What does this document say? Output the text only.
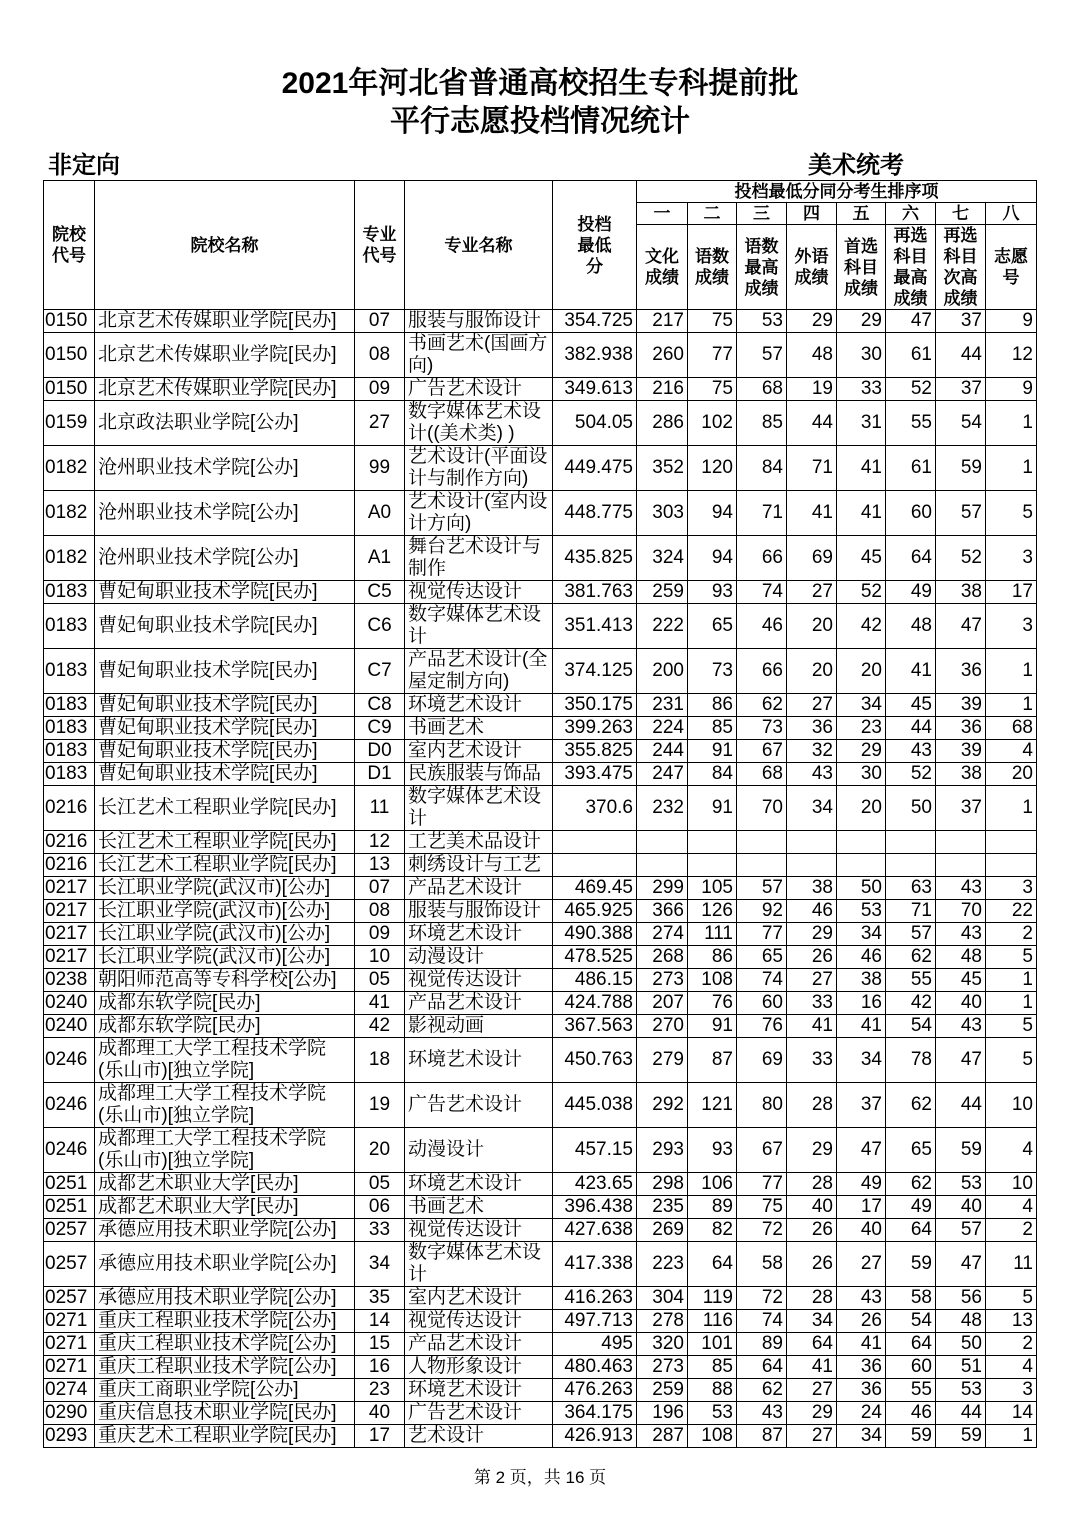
2021年河北省普通高校招生专科提前批
平行志愿投档情况统计
非定向	美术统考
院校代号	院校名称	专业代号	专业名称	投档最低分	投档最低分同分考生排序项							
					一	二	三	四	五	六	七	八
					文化成绩	语数成绩	语数最高成绩	外语成绩	首选科目成绩	再选科目最高成绩	再选科目次高成绩	志愿号

0150	北京艺术传媒职业学院[民办]	07	服装与服饰设计	354.725	217	75	53	29	29	47	37	9

0150	北京艺术传媒职业学院[民办]	08	书画艺术(国画方向)	382.938	260	77	57	48	30	61	44	12

0150	北京艺术传媒职业学院[民办]	09	广告艺术设计	349.613	216	75	68	19	33	52	37	9

0159	北京政法职业学院[公办]	27	数字媒体艺术设计((美术类) )	504.05	286	102	85	44	31	55	54	1

0182	沧州职业技术学院[公办]	99	艺术设计(平面设计与制作方向)	449.475	352	120	84	71	41	61	59	1

0182	沧州职业技术学院[公办]	A0	艺术设计(室内设计方向)	448.775	303	94	71	41	41	60	57	5

0182	沧州职业技术学院[公办]	A1	舞台艺术设计与制作	435.825	324	94	66	69	45	64	52	3

0183	曹妃甸职业技术学院[民办]	C5	视觉传达设计	381.763	259	93	74	27	52	49	38	17

0183	曹妃甸职业技术学院[民办]	C6	数字媒体艺术设计	351.413	222	65	46	20	42	48	47	3

0183	曹妃甸职业技术学院[民办]	C7	产品艺术设计(全屋定制方向)	374.125	200	73	66	20	20	41	36	1

0183	曹妃甸职业技术学院[民办]	C8	环境艺术设计	350.175	231	86	62	27	34	45	39	1

0183	曹妃甸职业技术学院[民办]	C9	书画艺术	399.263	224	85	73	36	23	44	36	68

0183	曹妃甸职业技术学院[民办]	D0	室内艺术设计	355.825	244	91	67	32	29	43	39	4

0183	曹妃甸职业技术学院[民办]	D1	民族服装与饰品	393.475	247	84	68	43	30	52	38	20

0216	长江艺术工程职业学院[民办]	11	数字媒体艺术设计	370.6	232	91	70	34	20	50	37	1

0216	长江艺术工程职业学院[民办]	12	工艺美术品设计									

0216	长江艺术工程职业学院[民办]	13	刺绣设计与工艺									

0217	长江职业学院(武汉市)[公办]	07	产品艺术设计	469.45	299	105	57	38	50	63	43	3

0217	长江职业学院(武汉市)[公办]	08	服装与服饰设计	465.925	366	126	92	46	53	71	70	22

0217	长江职业学院(武汉市)[公办]	09	环境艺术设计	490.388	274	111	77	29	34	57	43	2

0217	长江职业学院(武汉市)[公办]	10	动漫设计	478.525	268	86	65	26	46	62	48	5

0238	朝阳师范高等专科学校[公办]	05	视觉传达设计	486.15	273	108	74	27	38	55	45	1

0240	成都东软学院[民办]	41	产品艺术设计	424.788	207	76	60	33	16	42	40	1

0240	成都东软学院[民办]	42	影视动画	367.563	270	91	76	41	41	54	43	5

0246	成都理工大学工程技术学院(乐山市)[独立学院]	18	环境艺术设计	450.763	279	87	69	33	34	78	47	5

0246	成都理工大学工程技术学院(乐山市)[独立学院]	19	广告艺术设计	445.038	292	121	80	28	37	62	44	10

0246	成都理工大学工程技术学院(乐山市)[独立学院]	20	动漫设计	457.15	293	93	67	29	47	65	59	4

0251	成都艺术职业大学[民办]	05	环境艺术设计	423.65	298	106	77	28	49	62	53	10

0251	成都艺术职业大学[民办]	06	书画艺术	396.438	235	89	75	40	17	49	40	4

0257	承德应用技术职业学院[公办]	33	视觉传达设计	427.638	269	82	72	26	40	64	57	2

0257	承德应用技术职业学院[公办]	34	数字媒体艺术设计	417.338	223	64	58	26	27	59	47	11

0257	承德应用技术职业学院[公办]	35	室内艺术设计	416.263	304	119	72	28	43	58	56	5

0271	重庆工程职业技术学院[公办]	14	视觉传达设计	497.713	278	116	74	34	26	54	48	13

0271	重庆工程职业技术学院[公办]	15	产品艺术设计	495	320	101	89	64	41	64	50	2

0271	重庆工程职业技术学院[公办]	16	人物形象设计	480.463	273	85	64	41	36	60	51	4

0274	重庆工商职业学院[公办]	23	环境艺术设计	476.263	259	88	62	27	36	55	53	3

0290	重庆信息技术职业学院[民办]	40	广告艺术设计	364.175	196	53	43	29	24	46	44	14

0293	重庆艺术工程职业学院[民办]	17	艺术设计	426.913	287	108	87	27	34	59	59	1
第 2 页，共 16 页
